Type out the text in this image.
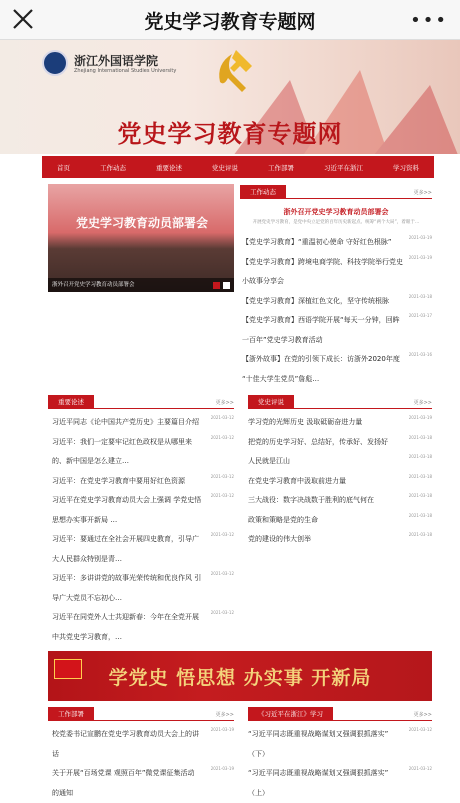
党史学习教育专题网	•••
浙江外国语学院
Zhejiang International Studies University
党史学习教育专题网
首页	工作动态	重要论述	党史评说	工作部署	习近平在浙江	学习资料
党史学习教育动员部署会
浙外召开党史学习教育动员部署会
工作动态	更多>>
浙外召开党史学习教育动员部署会
开展党史学习教育，是党中央立足党的百年历史新起点、统筹“两个大局”，着眼于…
【党史学习教育】“重温初心使命 守好红色根脉”
2021-03-19
【党史学习教育】跨境电商学院、科技学院举行党史
2021-03-19
小故事分享会
【党史学习教育】深植红色文化，坚守传统根脉
2021-03-18
【党史学习教育】西语学院开展“每天一分钟，回眸
2021-03-17
一百年”党史学习教育活动
【浙外故事】在党的引领下成长：访浙外2020年度
2021-03-16
“十佳大学生党员”詹彪…
重要论述	更多>>
习近平同志《论中国共产党历史》主要篇目介绍
2021-03-12
习近平：我们一定要牢记红色政权是从哪里来
2021-03-12
的、新中国是怎么建立…
习近平：在党史学习教育中要用好红色资源
2021-03-12
习近平在党史学习教育动员大会上强调 学党史悟
2021-03-12
思想办实事开新局 …
习近平：要通过在全社会开展四史教育，引导广
2021-03-12
大人民群众特别是青…
习近平：多讲讲党的故事光荣传统和优良作风 引
2021-03-12
导广大党员不忘初心…
习近平在同党外人士共迎新春：今年在全党开展
2021-03-12
中共党史学习教育，…
党史评说	更多>>
学习党的光辉历史 汲取砥砺奋进力量
2021-03-19
把党的历史学习好、总结好，传承好、发扬好
2021-03-18
人民就是江山
2021-03-18
在党史学习教育中汲取前进力量
2021-03-18
三大战役：数字决战数于胜利的底气何在
2021-03-18
政策和策略是党的生命
2021-03-18
党的建设的伟大创举
2021-03-18
学党史 悟思想 办实事 开新局
工作部署	更多>>
校党委书记宣鹏在党史学习教育动员大会上的讲
2021-03-19
话
关于开展“百场党课 观照百年”微党课征集活动
2021-03-19
的通知
《习近平在浙江》学习	更多>>
“习近平同志既重视战略谋划又强调狠抓落实”
2021-03-12
（下）
“习近平同志既重视战略谋划又强调狠抓落实”
2021-03-12
（上）
